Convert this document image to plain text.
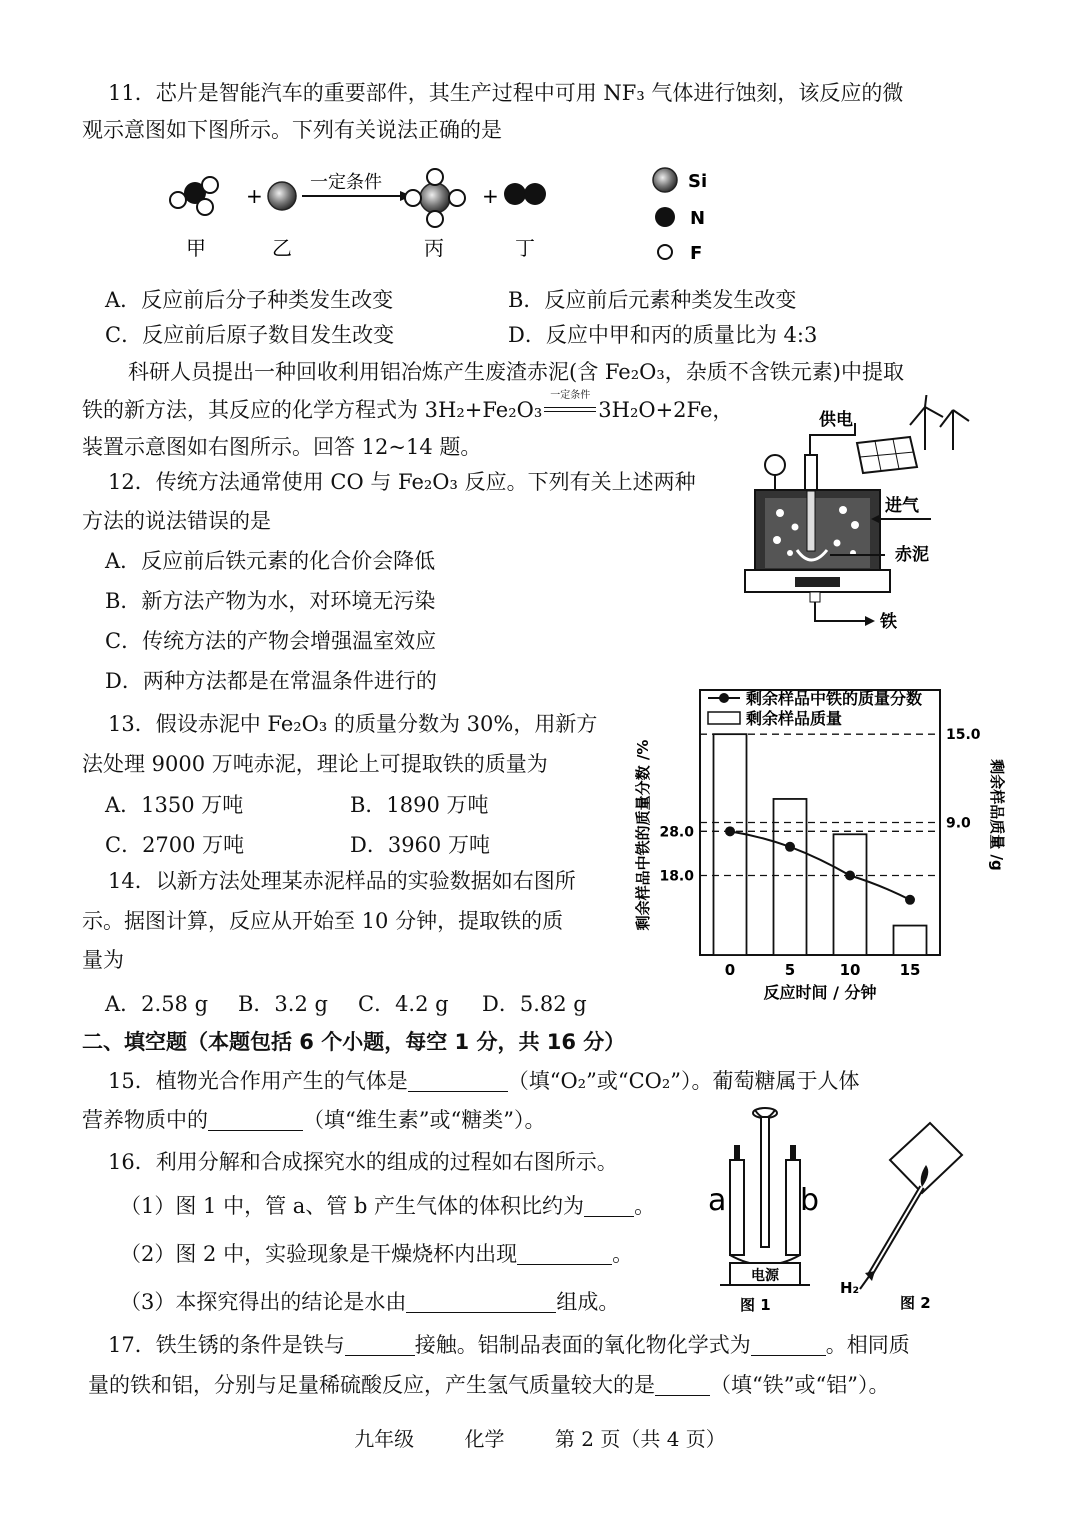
11．芯片是智能汽车的重要部件，其生产过程中可用 NF₃ 气体进行蚀刻，该反应的微
观示意图如下图所示。下列有关说法正确的是
+
一定条件
+
甲	乙	丙	丁
Si
N
F
A．反应前后分子种类发生改变	B．反应前后元素种类发生改变
C．反应前后原子数目发生改变	D．反应中甲和丙的质量比为 4:3
科研人员提出一种回收利用铝冶炼产生废渣赤泥(含 Fe₂O₃，杂质不含铁元素)中提取
铁的新方法，其反应的化学方程式为 3H₂+Fe₂O₃
一定条件
3H₂O+2Fe，
装置示意图如右图所示。回答 12~14 题。
供电
进气
赤泥
铁
12．传统方法通常使用 CO 与 Fe₂O₃ 反应。下列有关上述两种
方法的说法错误的是
A．反应前后铁元素的化合价会降低
B．新方法产物为水，对环境无污染
C．传统方法的产物会增强温室效应
D．两种方法都是在常温条件进行的
13．假设赤泥中 Fe₂O₃ 的质量分数为 30%，用新方
法处理 9000 万吨赤泥，理论上可提取铁的质量为
A．1350 万吨	B．1890 万吨
C．2700 万吨	D．3960 万吨
14．以新方法处理某赤泥样品的实验数据如右图所
示。据图计算，反应从开始至 10 分钟，提取铁的质
量为
A．2.58 g B．3.2 g C．4.2 g D．5.82 g
剩余样品中铁的质量分数
剩余样品质量
0	5	10	15
28.0
18.0
15.0
9.0
反应时间 / 分钟
剩余样品中铁的质量分数 /%	剩余样品质量 /g
二、填空题（本题包括 6 个小题，每空 1 分，共 16 分）
15．植物光合作用产生的气体是	（填“O₂”或“CO₂”）。葡萄糖属于人体
营养物质中的	（填“维生素”或“糖类”）。
16．利用分解和合成探究水的组成的过程如右图所示。
（1）图 1 中，管 a、管 b 产生气体的体积比约为 。
（2）图 2 中，实验现象是干燥烧杯内出现	。
（3）本探究得出的结论是水由	组成。
电源
a b
图 1
H₂
图 2
17．铁生锈的条件是铁与	接触。铝制品表面的氧化物化学式为	。相同质
量的铁和铝，分别与足量稀硫酸反应，产生氢气质量较大的是	（填“铁”或“铝”）。
九年级	化学	第 2 页（共 4 页）
